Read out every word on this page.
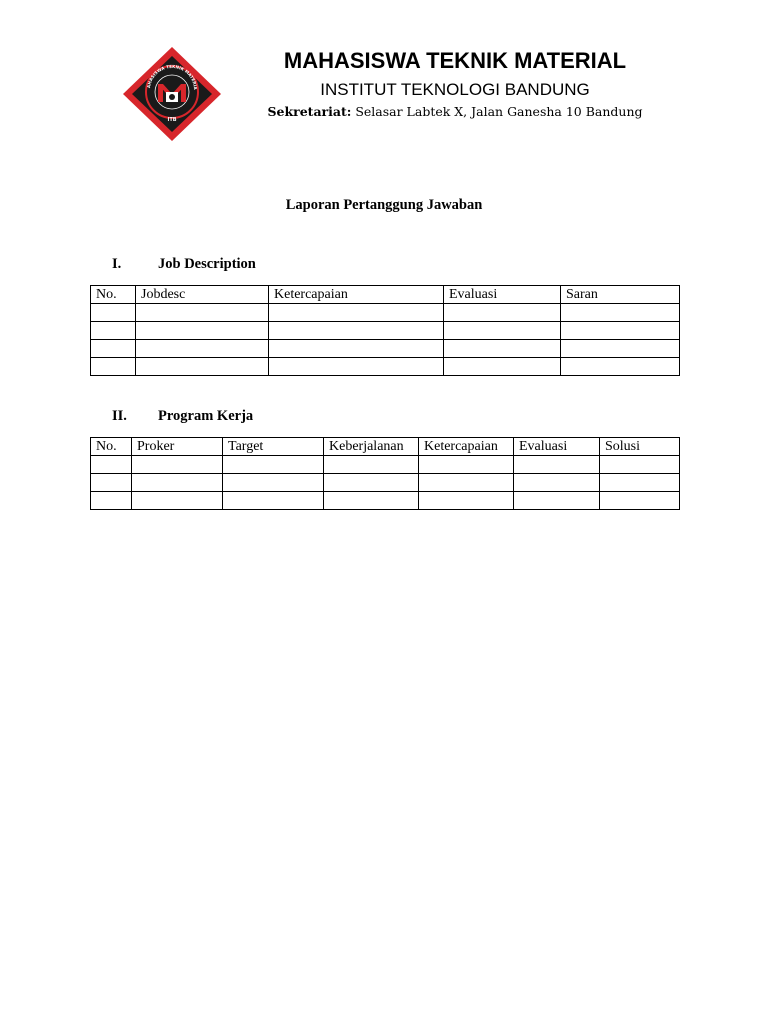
AHASISWA TEKNIK MATERIA
ITB
MAHASISWA TEKNIK MATERIAL
INSTITUT TEKNOLOGI BANDUNG
Sekretariat: Selasar Labtek X, Jalan Ganesha 10 Bandung
Laporan Pertanggung Jawaban
I.	Job Description
No.	Jobdesc	Ketercapaian	Evaluasi	Saran

II. Program Kerja
No.	Proker	Target	Keberjalanan	Ketercapaian	Evaluasi	Solusi
